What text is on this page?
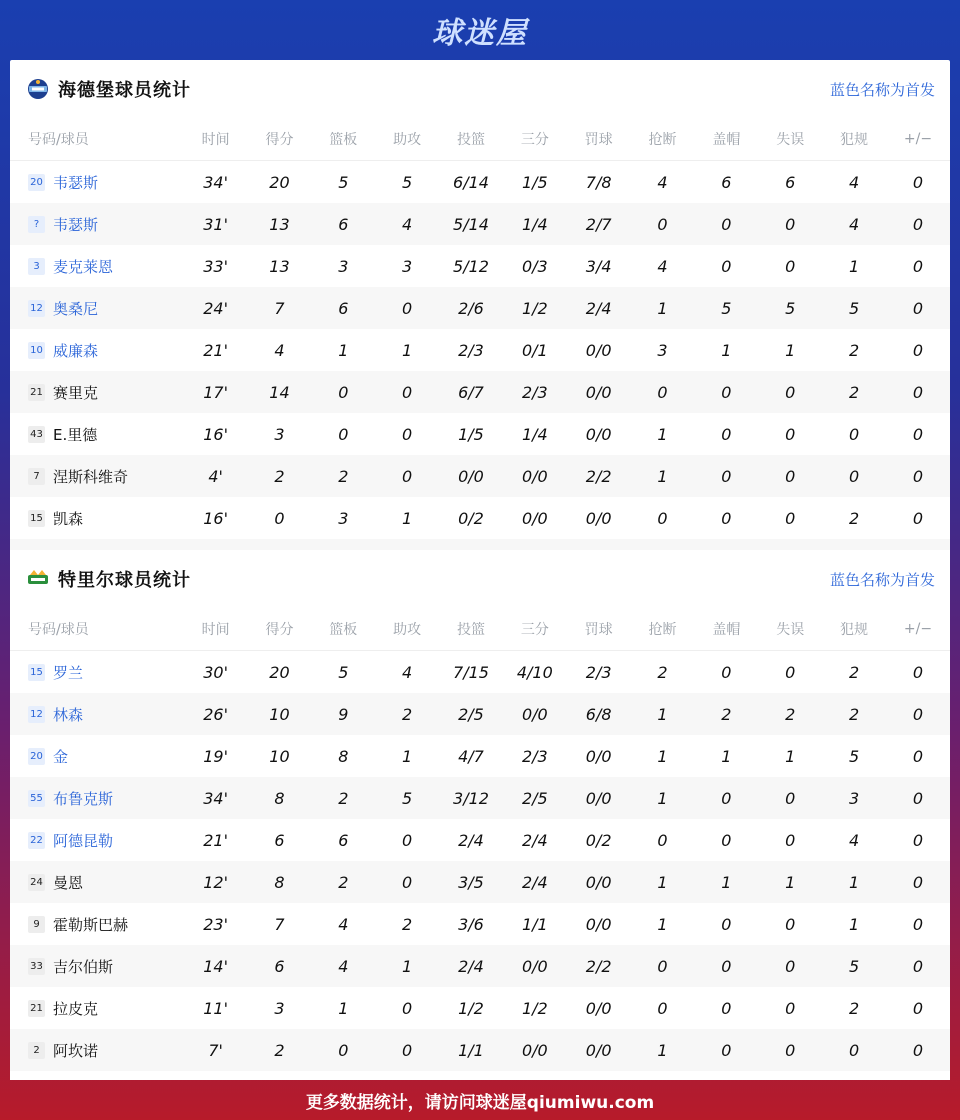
球迷屋
海德堡球员统计	蓝色名称为首发
号码/球员	时间	得分	篮板	助攻	投篮	三分	罚球	抢断	盖帽	失误	犯规	+/−
20 韦瑟斯	34'	20	5	5	6/14	1/5	7/8	4	6	6	4	0
? 韦瑟斯	31'	13	6	4	5/14	1/4	2/7	0	0	0	4	0
3 麦克莱恩	33'	13	3	3	5/12	0/3	3/4	4	0	0	1	0
12 奥桑尼	24'	7	6	0	2/6	1/2	2/4	1	5	5	5	0
10 威廉森	21'	4	1	1	2/3	0/1	0/0	3	1	1	2	0
21 赛里克	17'	14	0	0	6/7	2/3	0/0	0	0	0	2	0
43 E.里德	16'	3	0	0	1/5	1/4	0/0	1	0	0	0	0
7 涅斯科维奇	4'	2	2	0	0/0	0/0	2/2	1	0	0	0	0
15 凯森	16'	0	3	1	0/2	0/0	0/0	0	0	0	2	0

特里尔球员统计	蓝色名称为首发
号码/球员	时间	得分	篮板	助攻	投篮	三分	罚球	抢断	盖帽	失误	犯规	+/−
15 罗兰	30'	20	5	4	7/15	4/10	2/3	2	0	0	2	0
12 林森	26'	10	9	2	2/5	0/0	6/8	1	2	2	2	0
20 金	19'	10	8	1	4/7	2/3	0/0	1	1	1	5	0
55 布鲁克斯	34'	8	2	5	3/12	2/5	0/0	1	0	0	3	0
22 阿德昆勒	21'	6	6	0	2/4	2/4	0/2	0	0	0	4	0
24 曼恩	12'	8	2	0	3/5	2/4	0/0	1	1	1	1	0
9 霍勒斯巴赫	23'	7	4	2	3/6	1/1	0/0	1	0	0	1	0
33 吉尔伯斯	14'	6	4	1	2/4	0/0	2/2	0	0	0	5	0
21 拉皮克	11'	3	1	0	1/2	1/2	0/0	0	0	0	2	0
2 阿坎诺	7'	2	0	0	1/1	0/0	0/0	1	0	0	0	0

更多数据统计，请访问球迷屋qiumiwu.com
